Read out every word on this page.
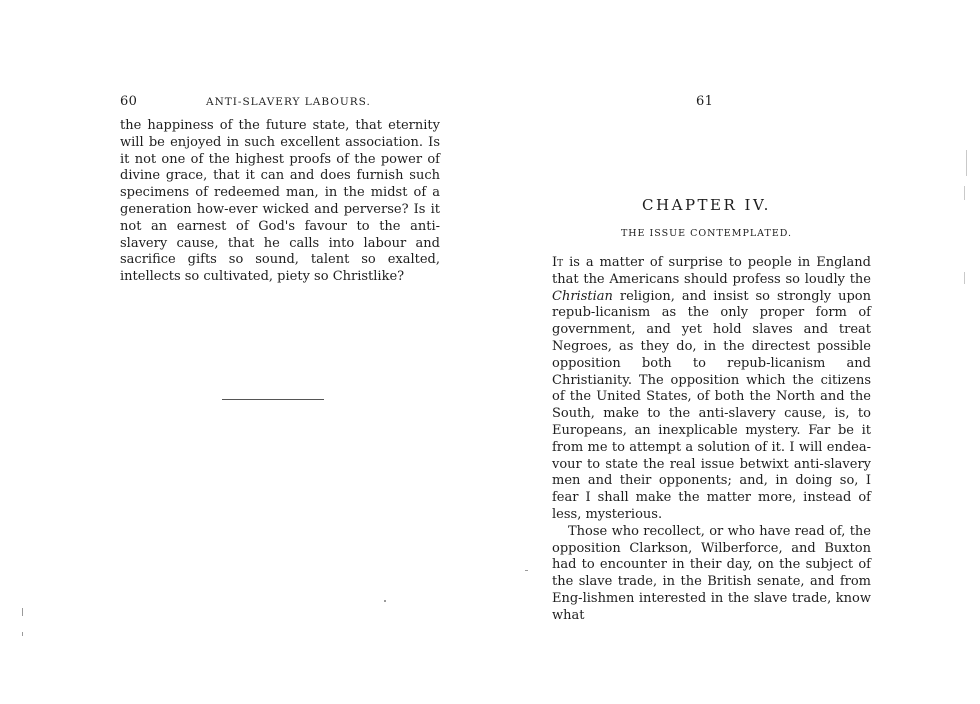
60	ANTI-SLAVERY LABOURS.

the happiness of the future state, that eternity will be enjoyed in such excellent association. Is it not one of the highest proofs of the power of divine grace, that it can and does furnish such specimens of redeemed man, in the midst of a generation how-ever wicked and perverse? Is it not an earnest of God's favour to the anti-slavery cause, that he calls into labour and sacrifice gifts so sound, talent so exalted, intellects so cultivated, piety so Christlike?

61
CHAPTER IV.
THE ISSUE CONTEMPLATED.

It is a matter of surprise to people in England that the Americans should profess so loudly the Christian religion, and insist so strongly upon repub-licanism as the only proper form of government, and yet hold slaves and treat Negroes, as they do, in the directest possible opposition both to repub-licanism and Christianity. The opposition which the citizens of the United States, of both the North and the South, make to the anti-slavery cause, is, to Europeans, an inexplicable mystery. Far be it from me to attempt a solution of it. I will endea-vour to state the real issue betwixt anti-slavery men and their opponents; and, in doing so, I fear I shall make the matter more, instead of less, mysterious.

Those who recollect, or who have read of, the opposition Clarkson, Wilberforce, and Buxton had to encounter in their day, on the subject of the slave trade, in the British senate, and from Eng-lishmen interested in the slave trade, know what
